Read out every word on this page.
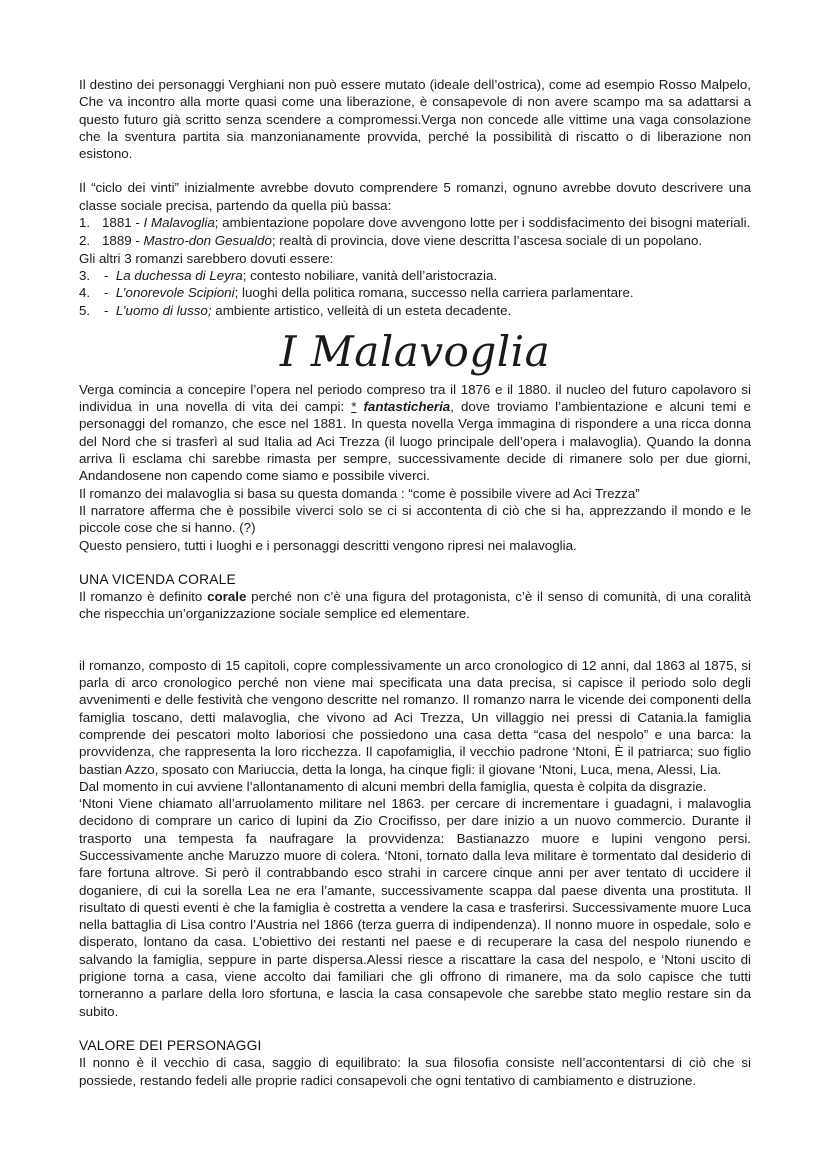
Il destino dei personaggi Verghiani non può essere mutato (ideale dell’ostrica), come ad esempio Rosso Malpelo, Che va incontro alla morte quasi come una liberazione, è consapevole di non avere scampo ma sa adattarsi a questo futuro già scritto senza scendere a compromessi.Verga non concede alle vittime una vaga consolazione che la sventura partita sia manzonianamente provvida, perché la possibilità di riscatto o di liberazione non esistono.

Il “ciclo dei vinti” inizialmente avrebbe dovuto comprendere 5 romanzi, ognuno avrebbe dovuto descrivere una classe sociale precisa, partendo da quella più bassa:

1. 1881 - I Malavoglia; ambientazione popolare dove avvengono lotte per i soddisfacimento dei bisogni materiali.
2. 1889 - Mastro-don Gesualdo; realtà di provincia, dove viene descritta l’ascesa sociale di un popolano.

Gli altri 3 romanzi sarebbero dovuti essere:

3.	- La duchessa di Leyra; contesto nobiliare, vanità dell’aristocrazia.
4.	- L’onorevole Scipioni; luoghi della politica romana, successo nella carriera parlamentare.
5.	- L’uomo di lusso; ambiente artistico, velleità di un esteta decadente.
I Malavoglia

Verga comincia a concepire l’opera nel periodo compreso tra il 1876 e il 1880. il nucleo del futuro capolavoro si individua in una novella di vita dei campi: * fantasticheria, dove troviamo l’ambientazione e alcuni temi e personaggi del romanzo, che esce nel 1881. In questa novella Verga immagina di rispondere a una ricca donna del Nord che si trasferì al sud Italia ad Aci Trezza (il luogo principale dell’opera i malavoglia). Quando la donna arriva lì esclama chi sarebbe rimasta per sempre, successivamente decide di rimanere solo per due giorni, Andandosene non capendo come siamo e possibile viverci.

Il romanzo dei malavoglia si basa su questa domanda : “come è possibile vivere ad Aci Trezza”

Il narratore afferma che è possibile viverci solo se ci si accontenta di ciò che si ha, apprezzando il mondo e le piccole cose che si hanno. (?)

Questo pensiero, tutti i luoghi e i personaggi descritti vengono ripresi nei malavoglia.

UNA VICENDA CORALE

Il romanzo è definito corale perché non c’è una figura del protagonista, c’è il senso di comunità, di una coralità che rispecchia un’organizzazione sociale semplice ed elementare.

il romanzo, composto di 15 capitoli, copre complessivamente un arco cronologico di 12 anni, dal 1863 al 1875, si parla di arco cronologico perché non viene mai specificata una data precisa, si capisce il periodo solo degli avvenimenti e delle festività che vengono descritte nel romanzo. Il romanzo narra le vicende dei componenti della famiglia toscano, detti malavoglia, che vivono ad Aci Trezza, Un villaggio nei pressi di Catania.la famiglia comprende dei pescatori molto laboriosi che possiedono una casa detta “casa del nespolo” e una barca: la provvidenza, che rappresenta la loro ricchezza. Il capofamiglia, il vecchio padrone ‘Ntoni, È il patriarca; suo figlio bastian Azzo, sposato con Mariuccia, detta la longa, ha cinque figli: il giovane ‘Ntoni, Luca, mena, Alessi, Lia.

Dal momento in cui avviene l’allontanamento di alcuni membri della famiglia, questa è colpita da disgrazie.

‘Ntoni Viene chiamato all’arruolamento militare nel 1863. per cercare di incrementare i guadagni, i malavoglia decidono di comprare un carico di lupini da Zio Crocifisso, per dare inizio a un nuovo commercio. Durante il trasporto una tempesta fa naufragare la provvidenza: Bastianazzo muore e lupini vengono persi. Successivamente anche Maruzzo muore di colera. ‘Ntoni, tornato dalla leva militare è tormentato dal desiderio di fare fortuna altrove. Si però il contrabbando esco strahi in carcere cinque anni per aver tentato di uccidere il doganiere, di cui la sorella Lea ne era l’amante, successivamente scappa dal paese diventa una prostituta. Il risultato di questi eventi è che la famiglia è costretta a vendere la casa e trasferirsi. Successivamente muore Luca nella battaglia di Lisa contro l’Austria nel 1866 (terza guerra di indipendenza). Il nonno muore in ospedale, solo e disperato, lontano da casa. L’obiettivo dei restanti nel paese e di recuperare la casa del nespolo riunendo e salvando la famiglia, seppure in parte dispersa.Alessi riesce a riscattare la casa del nespolo, e ‘Ntoni uscito di prigione torna a casa, viene accolto dai familiari che gli offrono di rimanere, ma da solo capisce che tutti torneranno a parlare della loro sfortuna, e lascia la casa consapevole che sarebbe stato meglio restare sin da subito.

VALORE DEI PERSONAGGI

Il nonno è il vecchio di casa, saggio di equilibrato: la sua filosofia consiste nell’accontentarsi di ciò che si possiede, restando fedeli alle proprie radici consapevoli che ogni tentativo di cambiamento e distruzione.
